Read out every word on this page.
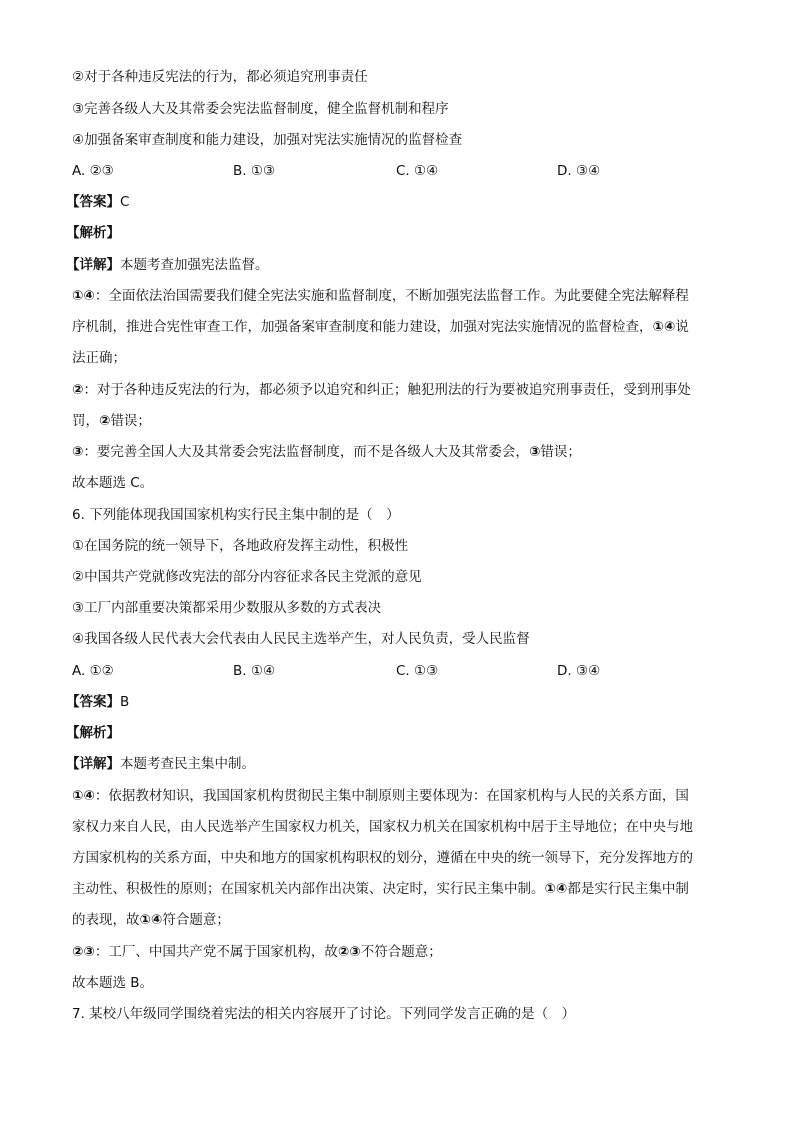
②对于各种违反宪法的行为，都必须追究刑事责任
③完善各级人大及其常委会宪法监督制度，健全监督机制和程序
④加强备案审查制度和能力建设，加强对宪法实施情况的监督检查
A. ②③	B. ①③	C. ①④	D. ③④
【答案】C
【解析】
【详解】本题考查加强宪法监督。
①④：全面依法治国需要我们健全宪法实施和监督制度，不断加强宪法监督工作。为此要健全宪法解释程
序机制，推进合宪性审查工作，加强备案审查制度和能力建设，加强对宪法实施情况的监督检查，①④说
法正确；
②：对于各种违反宪法的行为，都必须予以追究和纠正；触犯刑法的行为要被追究刑事责任，受到刑事处
罚，②错误；
③：要完善全国人大及其常委会宪法监督制度，而不是各级人大及其常委会，③错误；
故本题选 C。
6. 下列能体现我国国家机构实行民主集中制的是（　）
①在国务院的统一领导下，各地政府发挥主动性，积极性
②中国共产党就修改宪法的部分内容征求各民主党派的意见
③工厂内部重要决策都采用少数服从多数的方式表决
④我国各级人民代表大会代表由人民民主选举产生，对人民负责，受人民监督
A. ①②	B. ①④	C. ①③	D. ③④
【答案】B
【解析】
【详解】本题考查民主集中制。
①④：依据教材知识，我国国家机构贯彻民主集中制原则主要体现为：在国家机构与人民的关系方面，国
家权力来自人民，由人民选举产生国家权力机关，国家权力机关在国家机构中居于主导地位；在中央与地
方国家机构的关系方面，中央和地方的国家机构职权的划分，遵循在中央的统一领导下，充分发挥地方的
主动性、积极性的原则；在国家机关内部作出决策、决定时，实行民主集中制。①④都是实行民主集中制
的表现，故①④符合题意；
②③：工厂、中国共产党不属于国家机构，故②③不符合题意；
故本题选 B。
7. 某校八年级同学围绕着宪法的相关内容展开了讨论。下列同学发言正确的是（　）
